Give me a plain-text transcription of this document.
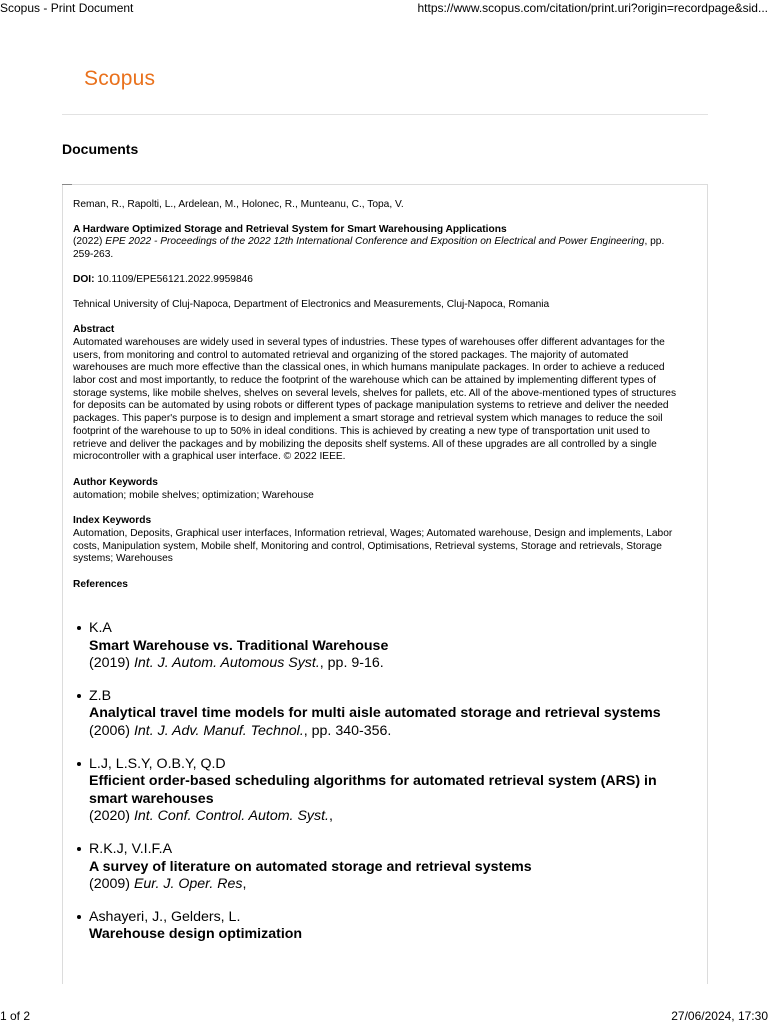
Scopus - Print Document	https://www.scopus.com/citation/print.uri?origin=recordpage&sid...
Scopus
Documents

Reman, R., Rapolti, L., Ardelean, M., Holonec, R., Munteanu, C., Topa, V.

A Hardware Optimized Storage and Retrieval System for Smart Warehousing Applications

(2022) EPE 2022 - Proceedings of the 2022 12th International Conference and Exposition on Electrical and Power Engineering, pp. 259-263.

DOI: 10.1109/EPE56121.2022.9959846

Tehnical University of Cluj-Napoca, Department of Electronics and Measurements, Cluj-Napoca, Romania

Abstract

Automated warehouses are widely used in several types of industries. These types of warehouses offer different advantages for the users, from monitoring and control to automated retrieval and organizing of the stored packages. The majority of automated warehouses are much more effective than the classical ones, in which humans manipulate packages. In order to achieve a reduced labor cost and most importantly, to reduce the footprint of the warehouse which can be attained by implementing different types of storage systems, like mobile shelves, shelves on several levels, shelves for pallets, etc. All of the above-mentioned types of structures for deposits can be automated by using robots or different types of package manipulation systems to retrieve and deliver the needed packages. This paper's purpose is to design and implement a smart storage and retrieval system which manages to reduce the soil footprint of the warehouse to up to 50% in ideal conditions. This is achieved by creating a new type of transportation unit used to retrieve and deliver the packages and by mobilizing the deposits shelf systems. All of these upgrades are all controlled by a single microcontroller with a graphical user interface. © 2022 IEEE.

Author Keywords

automation; mobile shelves; optimization; Warehouse

Index Keywords

Automation, Deposits, Graphical user interfaces, Information retrieval, Wages; Automated warehouse, Design and implements, Labor costs, Manipulation system, Mobile shelf, Monitoring and control, Optimisations, Retrieval systems, Storage and retrievals, Storage systems; Warehouses

References

K.A
Smart Warehouse vs. Traditional Warehouse
(2019) Int. J. Autom. Automous Syst., pp. 9-16.
Z.B
Analytical travel time models for multi aisle automated storage and retrieval systems
(2006) Int. J. Adv. Manuf. Technol., pp. 340-356.
L.J, L.S.Y, O.B.Y, Q.D
Efficient order-based scheduling algorithms for automated retrieval system (ARS) in smart warehouses
(2020) Int. Conf. Control. Autom. Syst.,
R.K.J, V.I.F.A
A survey of literature on automated storage and retrieval systems
(2009) Eur. J. Oper. Res,
Ashayeri, J., Gelders, L.
Warehouse design optimization
1 of 2	27/06/2024, 17:30
